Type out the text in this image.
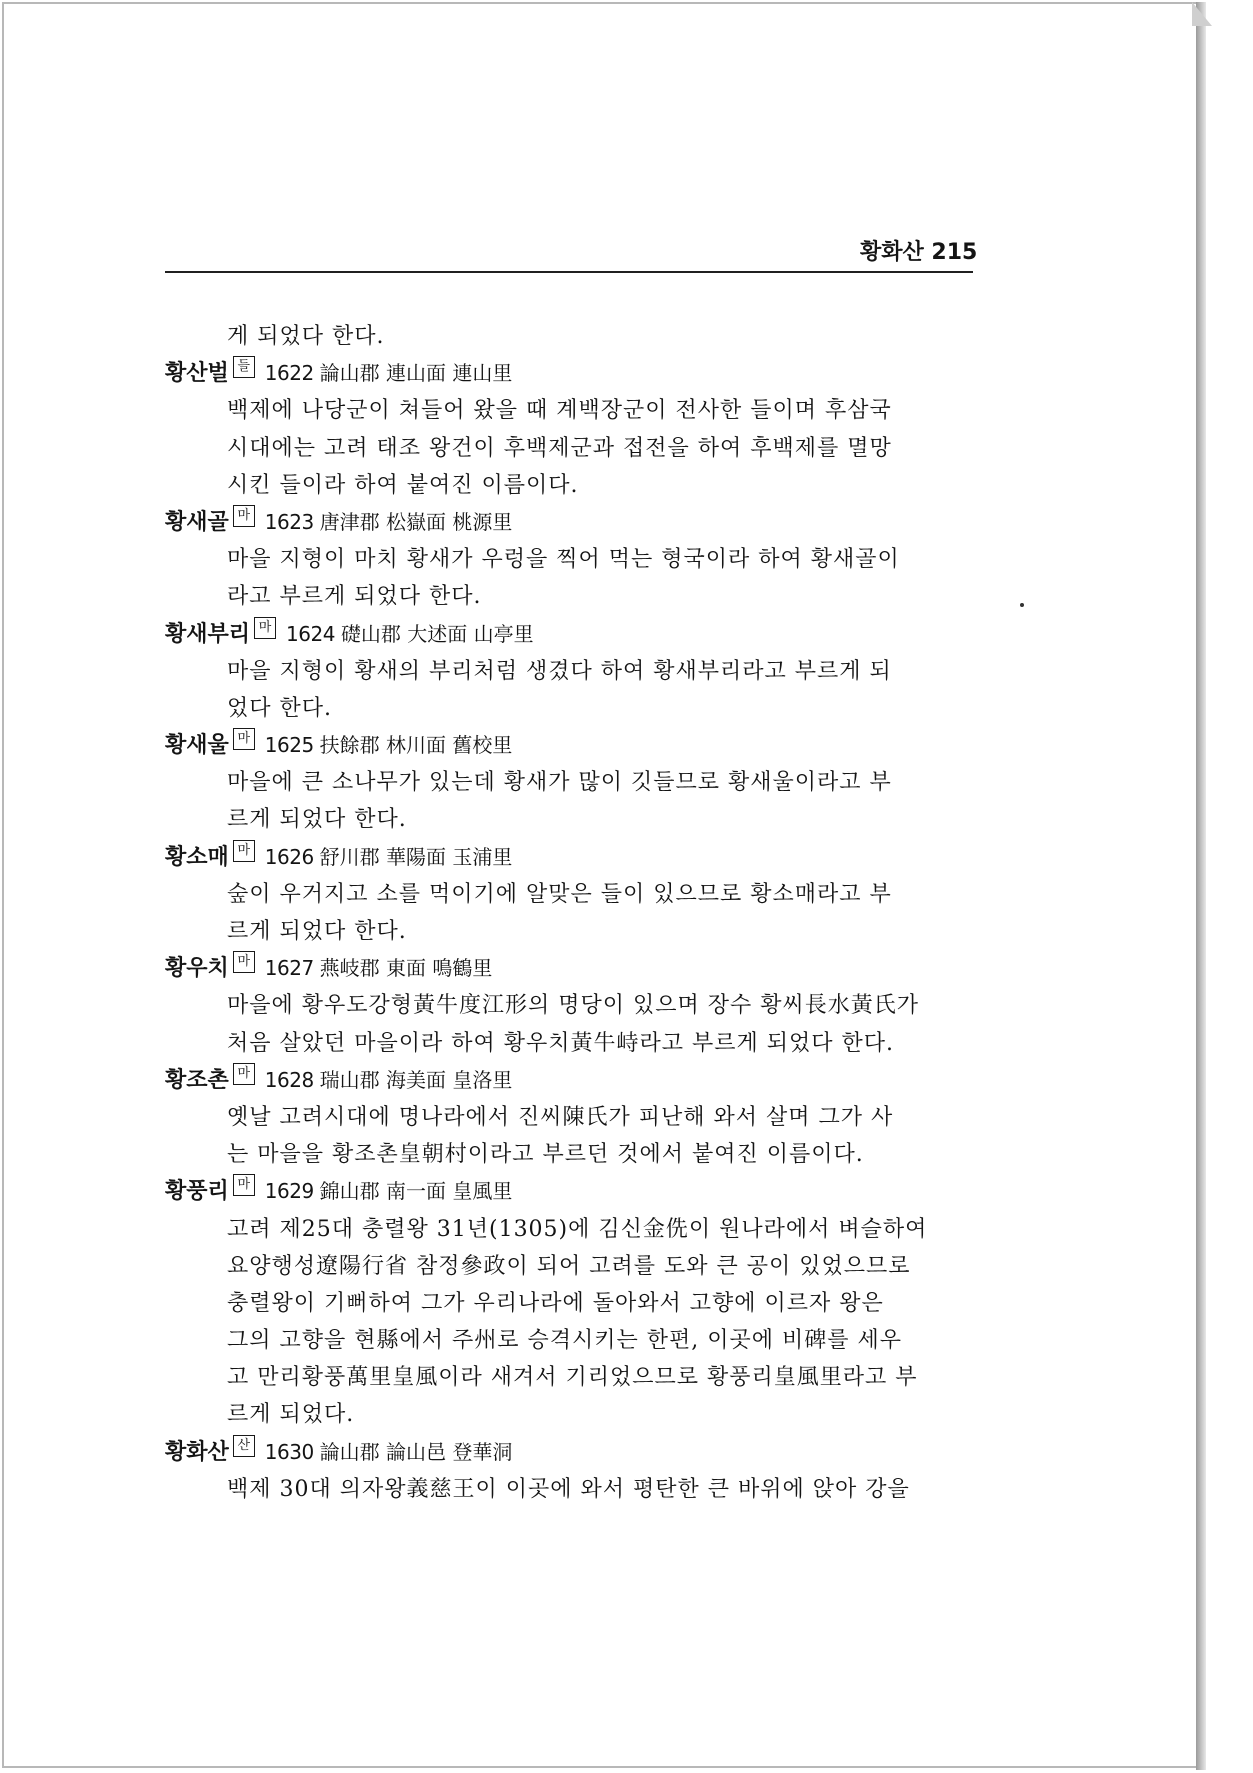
황화산 215
게 되었다 한다.
황산벌 들 1622 論山郡 連山面 連山里
백제에 나당군이 쳐들어 왔을 때 계백장군이 전사한 들이며 후삼국
시대에는 고려 태조 왕건이 후백제군과 접전을 하여 후백제를 멸망
시킨 들이라 하여 붙여진 이름이다.
황새골 마 1623 唐津郡 松嶽面 桃源里
마을 지형이 마치 황새가 우렁을 찍어 먹는 형국이라 하여 황새골이
라고 부르게 되었다 한다.
황새부리 마 1624 礎山郡 大述面 山亭里
마을 지형이 황새의 부리처럼 생겼다 하여 황새부리라고 부르게 되
었다 한다.
황새울 마 1625 扶餘郡 林川面 舊校里
마을에 큰 소나무가 있는데 황새가 많이 깃들므로 황새울이라고 부
르게 되었다 한다.
황소매 마 1626 舒川郡 華陽面 玉浦里
숲이 우거지고 소를 먹이기에 알맞은 들이 있으므로 황소매라고 부
르게 되었다 한다.
황우치 마 1627 燕岐郡 東面 鳴鶴里
마을에 황우도강형黃牛度江形의 명당이 있으며 장수 황씨長水黃氏가
처음 살았던 마을이라 하여 황우치黃牛峙라고 부르게 되었다 한다.
황조촌 마 1628 瑞山郡 海美面 皇洛里
옛날 고려시대에 명나라에서 진씨陳氏가 피난해 와서 살며 그가 사
는 마을을 황조촌皇朝村이라고 부르던 것에서 붙여진 이름이다.
황풍리 마 1629 錦山郡 南一面 皇風里
고려 제25대 충렬왕 31년(1305)에 김신金侁이 원나라에서 벼슬하여
요양행성遼陽行省 참정參政이 되어 고려를 도와 큰 공이 있었으므로
충렬왕이 기뻐하여 그가 우리나라에 돌아와서 고향에 이르자 왕은
그의 고향을 현縣에서 주州로 승격시키는 한편, 이곳에 비碑를 세우
고 만리황풍萬里皇風이라 새겨서 기리었으므로 황풍리皇風里라고 부
르게 되었다.
황화산 산 1630 論山郡 論山邑 登華洞
백제 30대 의자왕義慈王이 이곳에 와서 평탄한 큰 바위에 앉아 강을
